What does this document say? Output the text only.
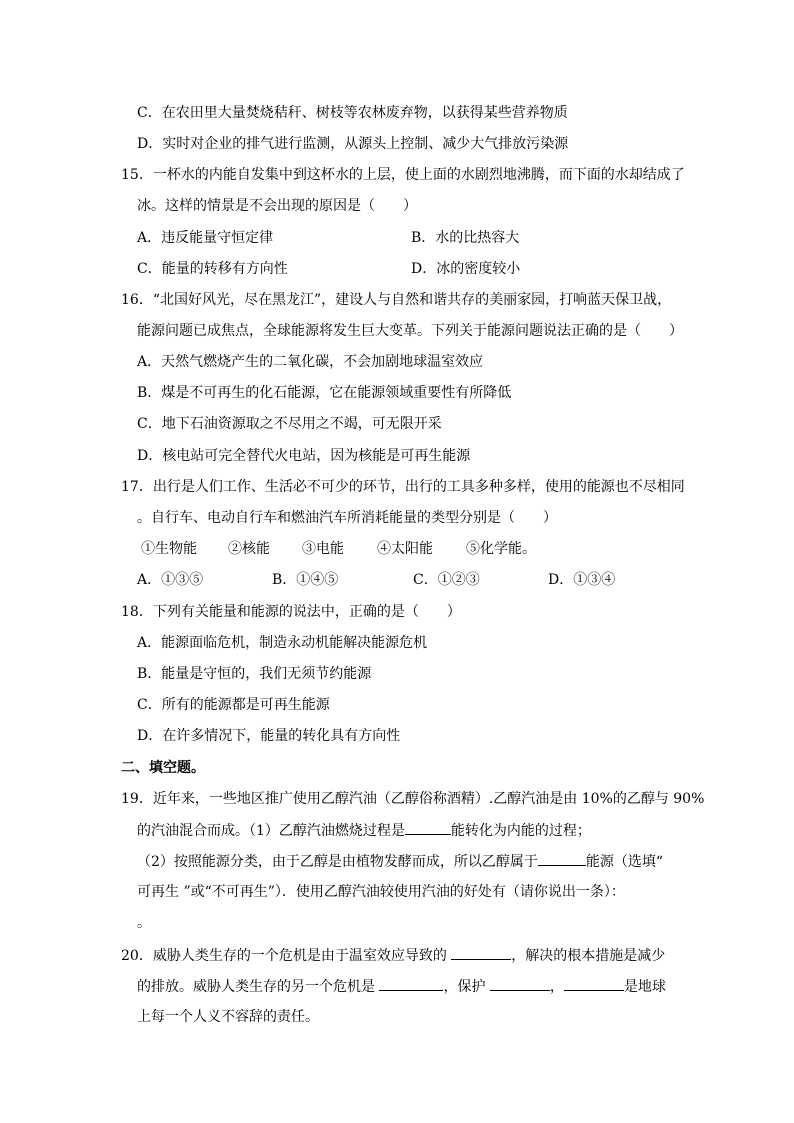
C．在农田里大量焚烧秸秆、树枝等农林废弃物，以获得某些营养物质
D．实时对企业的排气进行监测，从源头上控制、减少大气排放污染源
15．一杯水的内能自发集中到这杯水的上层，使上面的水剧烈地沸腾，而下面的水却结成了
冰。这样的情景是不会出现的原因是（　　）
A．违反能量守恒定律	B．水的比热容大
C．能量的转移有方向性	D．冰的密度较小
16．“北国好风光，尽在黑龙江”，建设人与自然和谐共存的美丽家园，打响蓝天保卫战，
能源问题已成焦点，全球能源将发生巨大变革。下列关于能源问题说法正确的是（　　）
A．天然气燃烧产生的二氧化碳，不会加剧地球温室效应
B．煤是不可再生的化石能源，它在能源领域重要性有所降低
C．地下石油资源取之不尽用之不竭，可无限开采
D．核电站可完全替代火电站，因为核能是可再生能源
17．出行是人们工作、生活必不可少的环节，出行的工具多种多样，使用的能源也不尽相同
。自行车、电动自行车和燃油汽车所消耗能量的类型分别是（　　）
①生物能 ②核能 ③电能 ④太阳能 ⑤化学能。
A．①③⑤	B．①④⑤	C．①②③	D．①③④
18．下列有关能量和能源的说法中，正确的是（　　）
A．能源面临危机，制造永动机能解决能源危机
B．能量是守恒的，我们无须节约能源
C．所有的能源都是可再生能源
D．在许多情况下，能量的转化具有方向性
二、填空题。
19．近年来，一些地区推广使用乙醇汽油（乙醇俗称酒精）.乙醇汽油是由 10%的乙醇与 90%
的汽油混合而成。（1）乙醇汽油燃烧过程是	能转化为内能的过程；
（2）按照能源分类，由于乙醇是由植物发酵而成，所以乙醇属于	能源（选填“
可再生 ”或“不可再生”）．使用乙醇汽油较使用汽油的好处有（请你说出一条）：
。
20．威胁人类生存的一个危机是由于温室效应导致的	，解决的根本措施是减少
的排放。威胁人类生存的另一个危机是	，保护	，	是地球
上每一个人义不容辞的责任。
